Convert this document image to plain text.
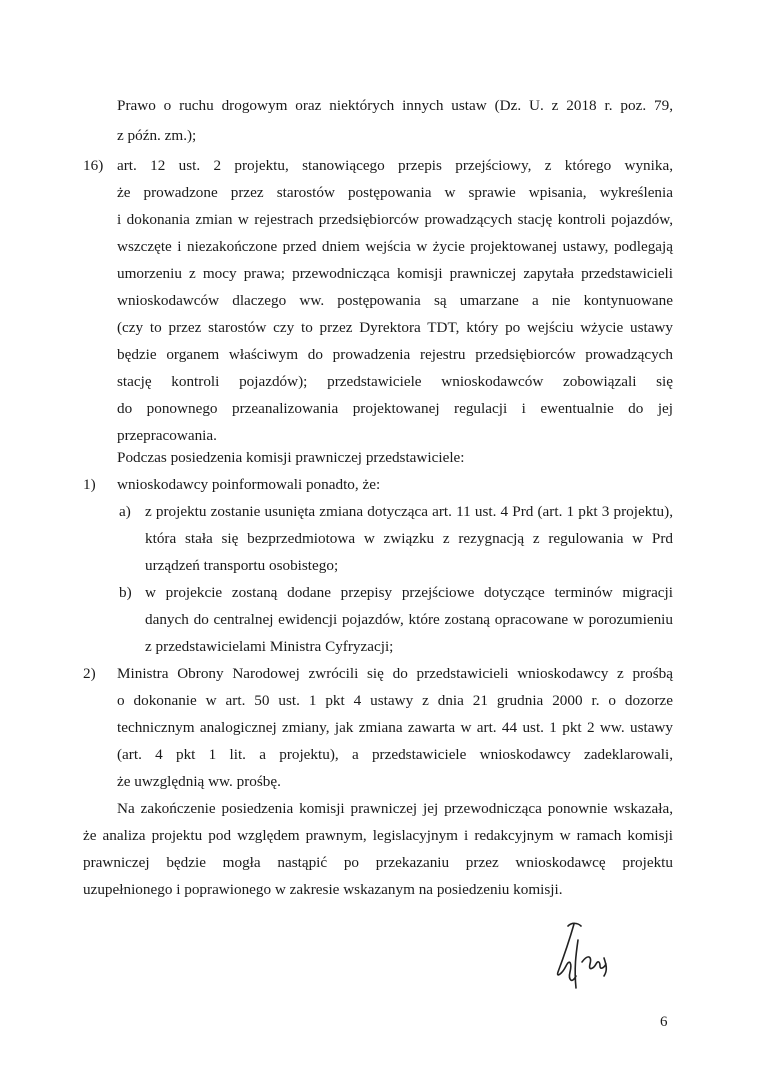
Prawo o ruchu drogowym oraz niektórych innych ustaw (Dz. U. z 2018 r. poz. 79,
z późn. zm.);
16) art. 12 ust. 2 projektu, stanowiącego przepis przejściowy, z którego wynika,
że prowadzone przez starostów postępowania w sprawie wpisania, wykreślenia
i dokonania zmian w rejestrach przedsiębiorców prowadzących stację kontroli pojazdów,
wszczęte i niezakończone przed dniem wejścia w życie projektowanej ustawy, podlegają
umorzeniu z mocy prawa; przewodnicząca komisji prawniczej zapytała przedstawicieli
wnioskodawców dlaczego ww. postępowania są umarzane a nie kontynuowane
(czy to przez starostów czy to przez Dyrektora TDT, który po wejściu wżycie ustawy
będzie organem właściwym do prowadzenia rejestru przedsiębiorców prowadzących
stację kontroli pojazdów); przedstawiciele wnioskodawców zobowiązali się
do ponownego przeanalizowania projektowanej regulacji i ewentualnie do jej
przepracowania.
Podczas posiedzenia komisji prawniczej przedstawiciele:
1) wnioskodawcy poinformowali ponadto, że:
a) z projektu zostanie usunięta zmiana dotycząca art. 11 ust. 4 Prd (art. 1 pkt 3 projektu),
która stała się bezprzedmiotowa w związku z rezygnacją z regulowania w Prd
urządzeń transportu osobistego;
b) w projekcie zostaną dodane przepisy przejściowe dotyczące terminów migracji
danych do centralnej ewidencji pojazdów, które zostaną opracowane w porozumieniu
z przedstawicielami Ministra Cyfryzacji;
2) Ministra Obrony Narodowej zwrócili się do przedstawicieli wnioskodawcy z prośbą
o dokonanie w art. 50 ust. 1 pkt 4 ustawy z dnia 21 grudnia 2000 r. o dozorze
technicznym analogicznej zmiany, jak zmiana zawarta w art. 44 ust. 1 pkt 2 ww. ustawy
(art. 4 pkt 1 lit. a projektu), a przedstawiciele wnioskodawcy zadeklarowali,
że uwzględnią ww. prośbę.
Na zakończenie posiedzenia komisji prawniczej jej przewodnicząca ponownie wskazała,
że analiza projektu pod względem prawnym, legislacyjnym i redakcyjnym w ramach komisji
prawniczej będzie mogła nastąpić po przekazaniu przez wnioskodawcę projektu
uzupełnionego i poprawionego w zakresie wskazanym na posiedzeniu komisji.
6
